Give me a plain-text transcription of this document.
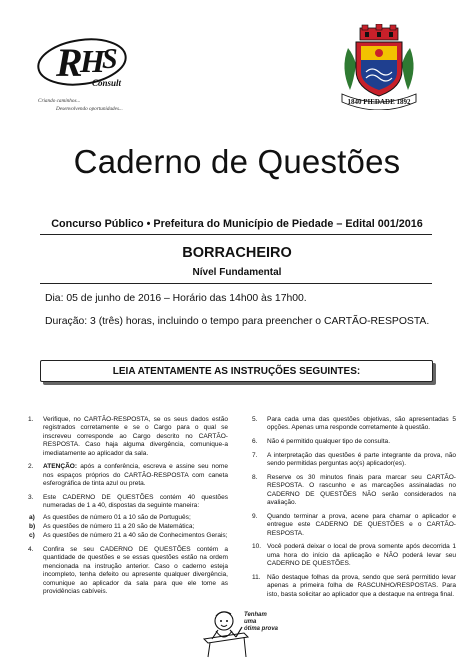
R
H
S
Consult
Criando caminhos...
Desenvolvendo oportunidades...
1840 PIEDADE 1892
Caderno de Questões
Concurso Público • Prefeitura do Município de Piedade – Edital 001/2016
BORRACHEIRO
Nível Fundamental
Dia: 05 de junho de 2016 – Horário das 14h00 às 17h00.
Duração: 3 (três) horas, incluindo o tempo para preencher o CARTÃO-RESPOSTA.
LEIA ATENTAMENTE AS INSTRUÇÕES SEGUINTES:
1. Verifique, no CARTÃO-RESPOSTA, se os seus dados estão registrados corretamente e se o Cargo para o qual se inscreveu corresponde ao Cargo descrito no CARTÃO-RESPOSTA. Caso haja alguma divergência, comunique-a imediatamente ao aplicador da sala.
2. ATENÇÃO: após a conferência, escreva e assine seu nome nos espaços próprios do CARTÃO-RESPOSTA com caneta esferográfica de tinta azul ou preta.
3. Este CADERNO DE QUESTÕES contém 40 questões numeradas de 1 a 40, dispostas da seguinte maneira:
a) As questões de número 01 a 10 são de Português;
b) As questões de número 11 a 20 são de Matemática;
c) As questões de número 21 a 40 são de Conhecimentos Gerais;
4. Confira se seu CADERNO DE QUESTÕES contém a quantidade de questões e se essas questões estão na ordem mencionada na instrução anterior. Caso o caderno esteja incompleto, tenha defeito ou apresente qualquer divergência, comunique ao aplicador da sala para que ele tome as providências cabíveis.
5. Para cada uma das questões objetivas, são apresentadas 5 opções. Apenas uma responde corretamente à questão.
6. Não é permitido qualquer tipo de consulta.
7. A interpretação das questões é parte integrante da prova, não sendo permitidas perguntas ao(s) aplicador(es).
8. Reserve os 30 minutos finais para marcar seu CARTÃO-RESPOSTA. O rascunho e as marcações assinaladas no CADERNO DE QUESTÕES NÃO serão considerados na avaliação.
9. Quando terminar a prova, acene para chamar o aplicador e entregue este CADERNO DE QUESTÕES e o CARTÃO-RESPOSTA.
10. Você poderá deixar o local de prova somente após decorrida 1 uma hora do início da aplicação e NÃO poderá levar seu CADERNO DE QUESTÕES.
11. Não destaque folhas da prova, sendo que será permitido levar apenas a primeira folha de RASCUNHO/RESPOSTAS. Para isto, basta solicitar ao aplicador que a destaque na entrega final.
Tenham uma
ótima prova
